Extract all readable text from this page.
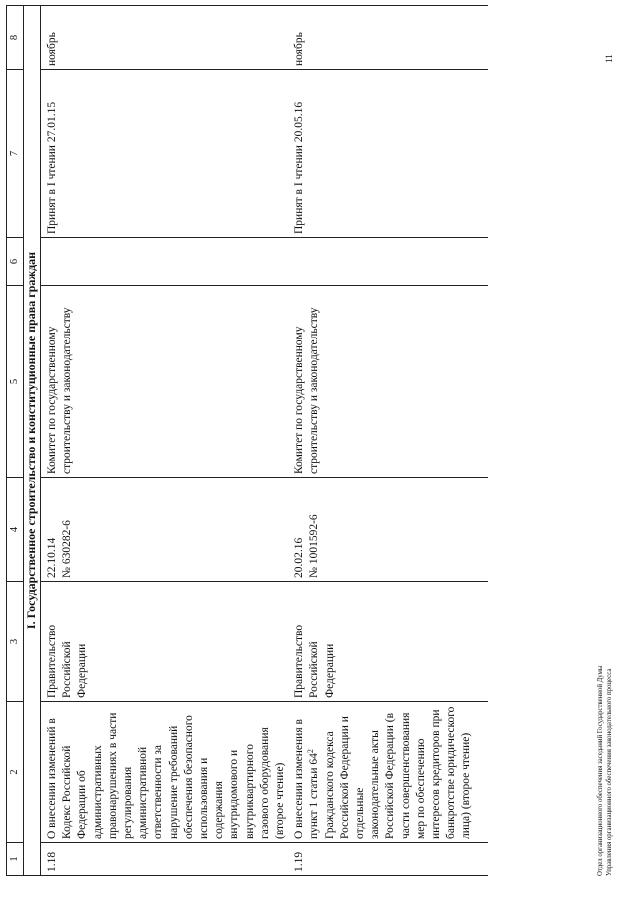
1	2	3	4	5	6	7	8
I. Государственное строительство и конституционные права граждан							
1.18	О внесении изменений в Кодекс Российской Федерации об административных правонарушениях в части регулирования административной ответственности за нарушение требований обеспечения безопасного использования и содержания внутридомового и внутриквартирного газового оборудования (второе чтение)	Правительство Российской Федерации	22.10.14 № 630282-6	Комитет по государственному строительству и законодательству		Принят в I чтении 27.01.15	ноябрь
1.19	О внесении изменения в пункт 1 статьи $64^2$ Гражданского кодекса Российской Федерации и отдельные законодательные акты Российской Федерации (в части совершенствования мер по обеспечению интересов кредиторов при банкротстве юридического лица) (второе чтение)	Правительство Российской Федерации	20.02.16 № 1001592-6	Комитет по государственному строительству и законодательству		Принят в I чтении 20.05.16	ноябрь
Отдел организационного обеспечения заседаний Государственной Думы Управления организационного обеспечения законодательного процесса
11
